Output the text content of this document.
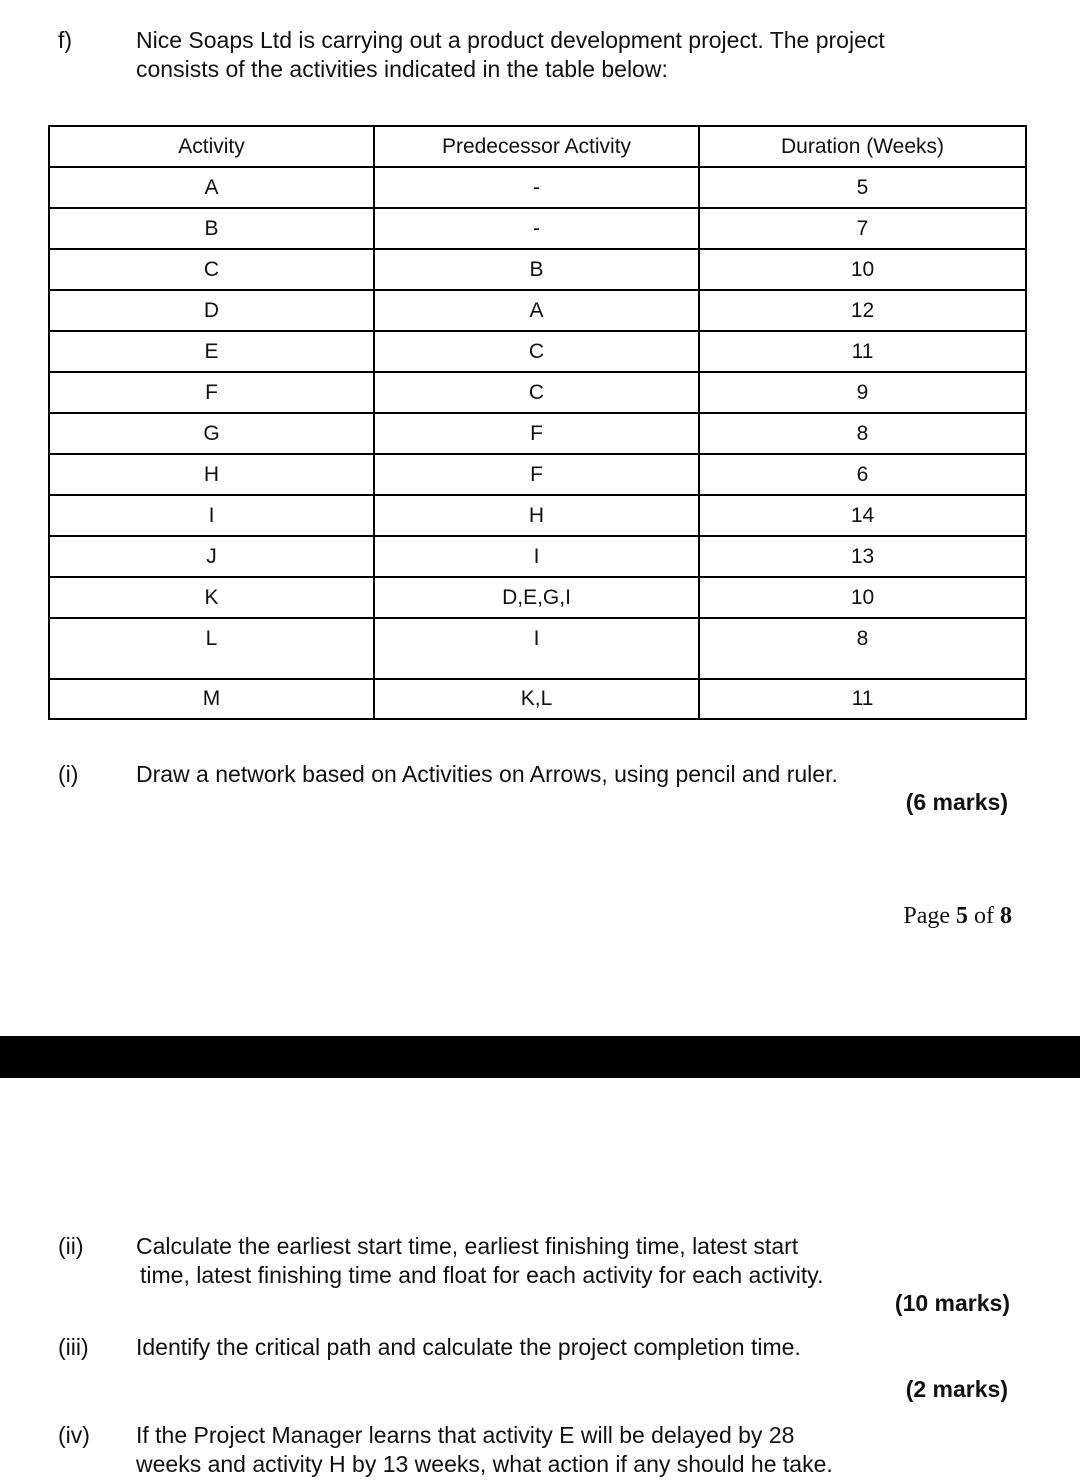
f)	Nice Soaps Ltd is carrying out a product development project. The project
consists of the activities indicated in the table below:
Activity	Predecessor Activity	Duration (Weeks)
A	-	5
B	-	7
C	B	10
D	A	12
E	C	11
F	C	9
G	F	8
H	F	6
I	H	14
J	I	13
K	D,E,G,I	10
L	I	8
M	K,L	11
(i)	Draw a network based on Activities on Arrows, using pencil and ruler.
(6 marks)
Page 5 of 8
(ii) Calculate the earliest start time, earliest finishing time, latest start
time, latest finishing time and float for each activity for each activity.
(10 marks)
(iii) Identify the critical path and calculate the project completion time.
(2 marks)
(iv) If the Project Manager learns that activity E will be delayed by 28
weeks and activity H by 13 weeks, what action if any should he take.
